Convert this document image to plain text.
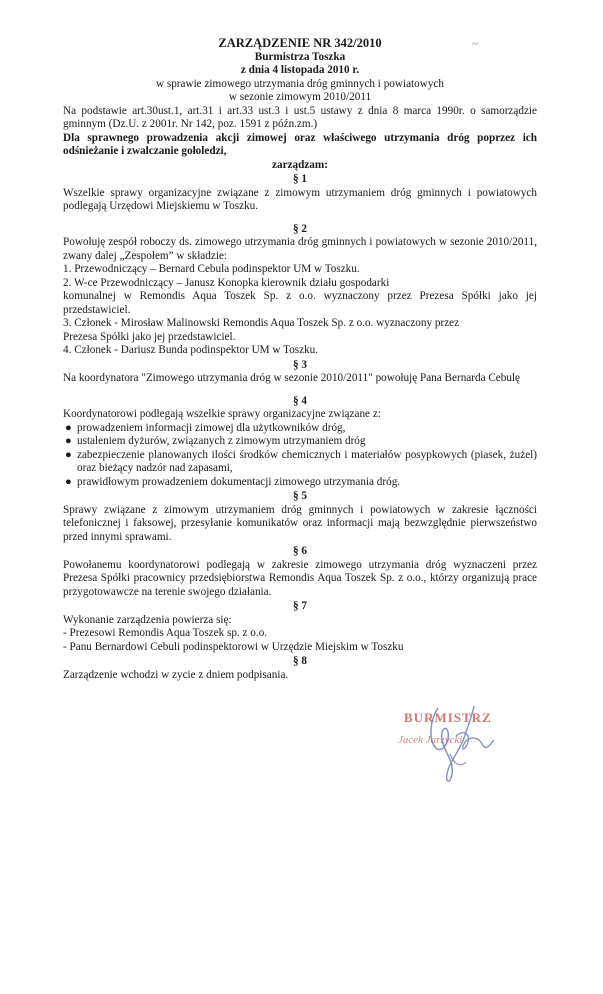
~
ZARZĄDZENIE NR 342/2010
Burmistrza Toszka
z dnia 4 listopada 2010 r.
w sprawie zimowego utrzymania dróg gminnych i powiatowych
w sezonie zimowym 2010/2011
Na podstawie art.30ust.1, art.31 i art.33 ust.3 i ust.5 ustawy z dnia 8 marca 1990r. o samorządzie gminnym (Dz.U. z 2001r. Nr 142, poz. 1591 z późn.zm.)
Dla sprawnego prowadzenia akcji zimowej oraz właściwego utrzymania dróg poprzez ich odśnieżanie i zwalczanie gołoledzi,
zarządzam:
§ 1
Wszelkie sprawy organizacyjne związane z zimowym utrzymaniem dróg gminnych i powiatowych podlegają Urzędowi Miejskiemu w Toszku.
§ 2
Powołuję zespół roboczy ds. zimowego utrzymania dróg gminnych i powiatowych w sezonie 2010/2011, zwany dalej „Zespołem” w składzie:
1. Przewodniczący – Bernard Cebula podinspektor UM w Toszku.
2. W-ce Przewodniczący – Janusz Konopka kierownik działu gospodarki
komunalnej w Remondis Aqua Toszek Sp. z o.o. wyznaczony przez Prezesa Spółki jako jej przedstawiciel.
3. Członek - Mirosław Malinowski Remondis Aqua Toszek Sp. z o.o. wyznaczony przez
Prezesa Spółki jako jej przedstawiciel.
4. Członek - Dariusz Bunda podinspektor UM w Toszku.
§ 3
Na koordynatora "Zimowego utrzymania dróg w sezonie 2010/2011" powołuję Pana Bernarda Cebulę
§ 4
Koordynatorowi podlegają wszelkie sprawy organizacyjne związane z:
● prowadzeniem informacji zimowej dla użytkowników dróg,
● ustaleniem dyżurów, związanych z zimowym utrzymaniem dróg
● zabezpieczenie planowanych ilości środków chemicznych i materiałów posypkowych (piasek, żużel) oraz bieżący nadzór nad zapasami,
● prawidłowym prowadzeniem dokumentacji zimowego utrzymania dróg.
§ 5
Sprawy związane z zimowym utrzymaniem dróg gminnych i powiatowych w zakresie łączności telefonicznej i faksowej, przesyłanie komunikatów oraz informacji mają bezwzględnie pierwszeństwo przed innymi sprawami.
§ 6
Powołanemu koordynatorowi podlegają w zakresie zimowego utrzymania dróg wyznaczeni przez Prezesa Spółki pracownicy przedsiębiorstwa Remondis Aqua Toszek Sp. z o.o., którzy organizują prace przygotowawcze na terenie swojego działania.
§ 7
Wykonanie zarządzenia powierza się:
- Prezesowi Remondis Aqua Toszek sp. z o.o.
- Panu Bernardowi Cebuli podinspektorowi w Urzędzie Miejskim w Toszku
§ 8
Zarządzenie wchodzi w zycie z dniem podpisania.
BURMISTRZ
Jacek Jarzycki
